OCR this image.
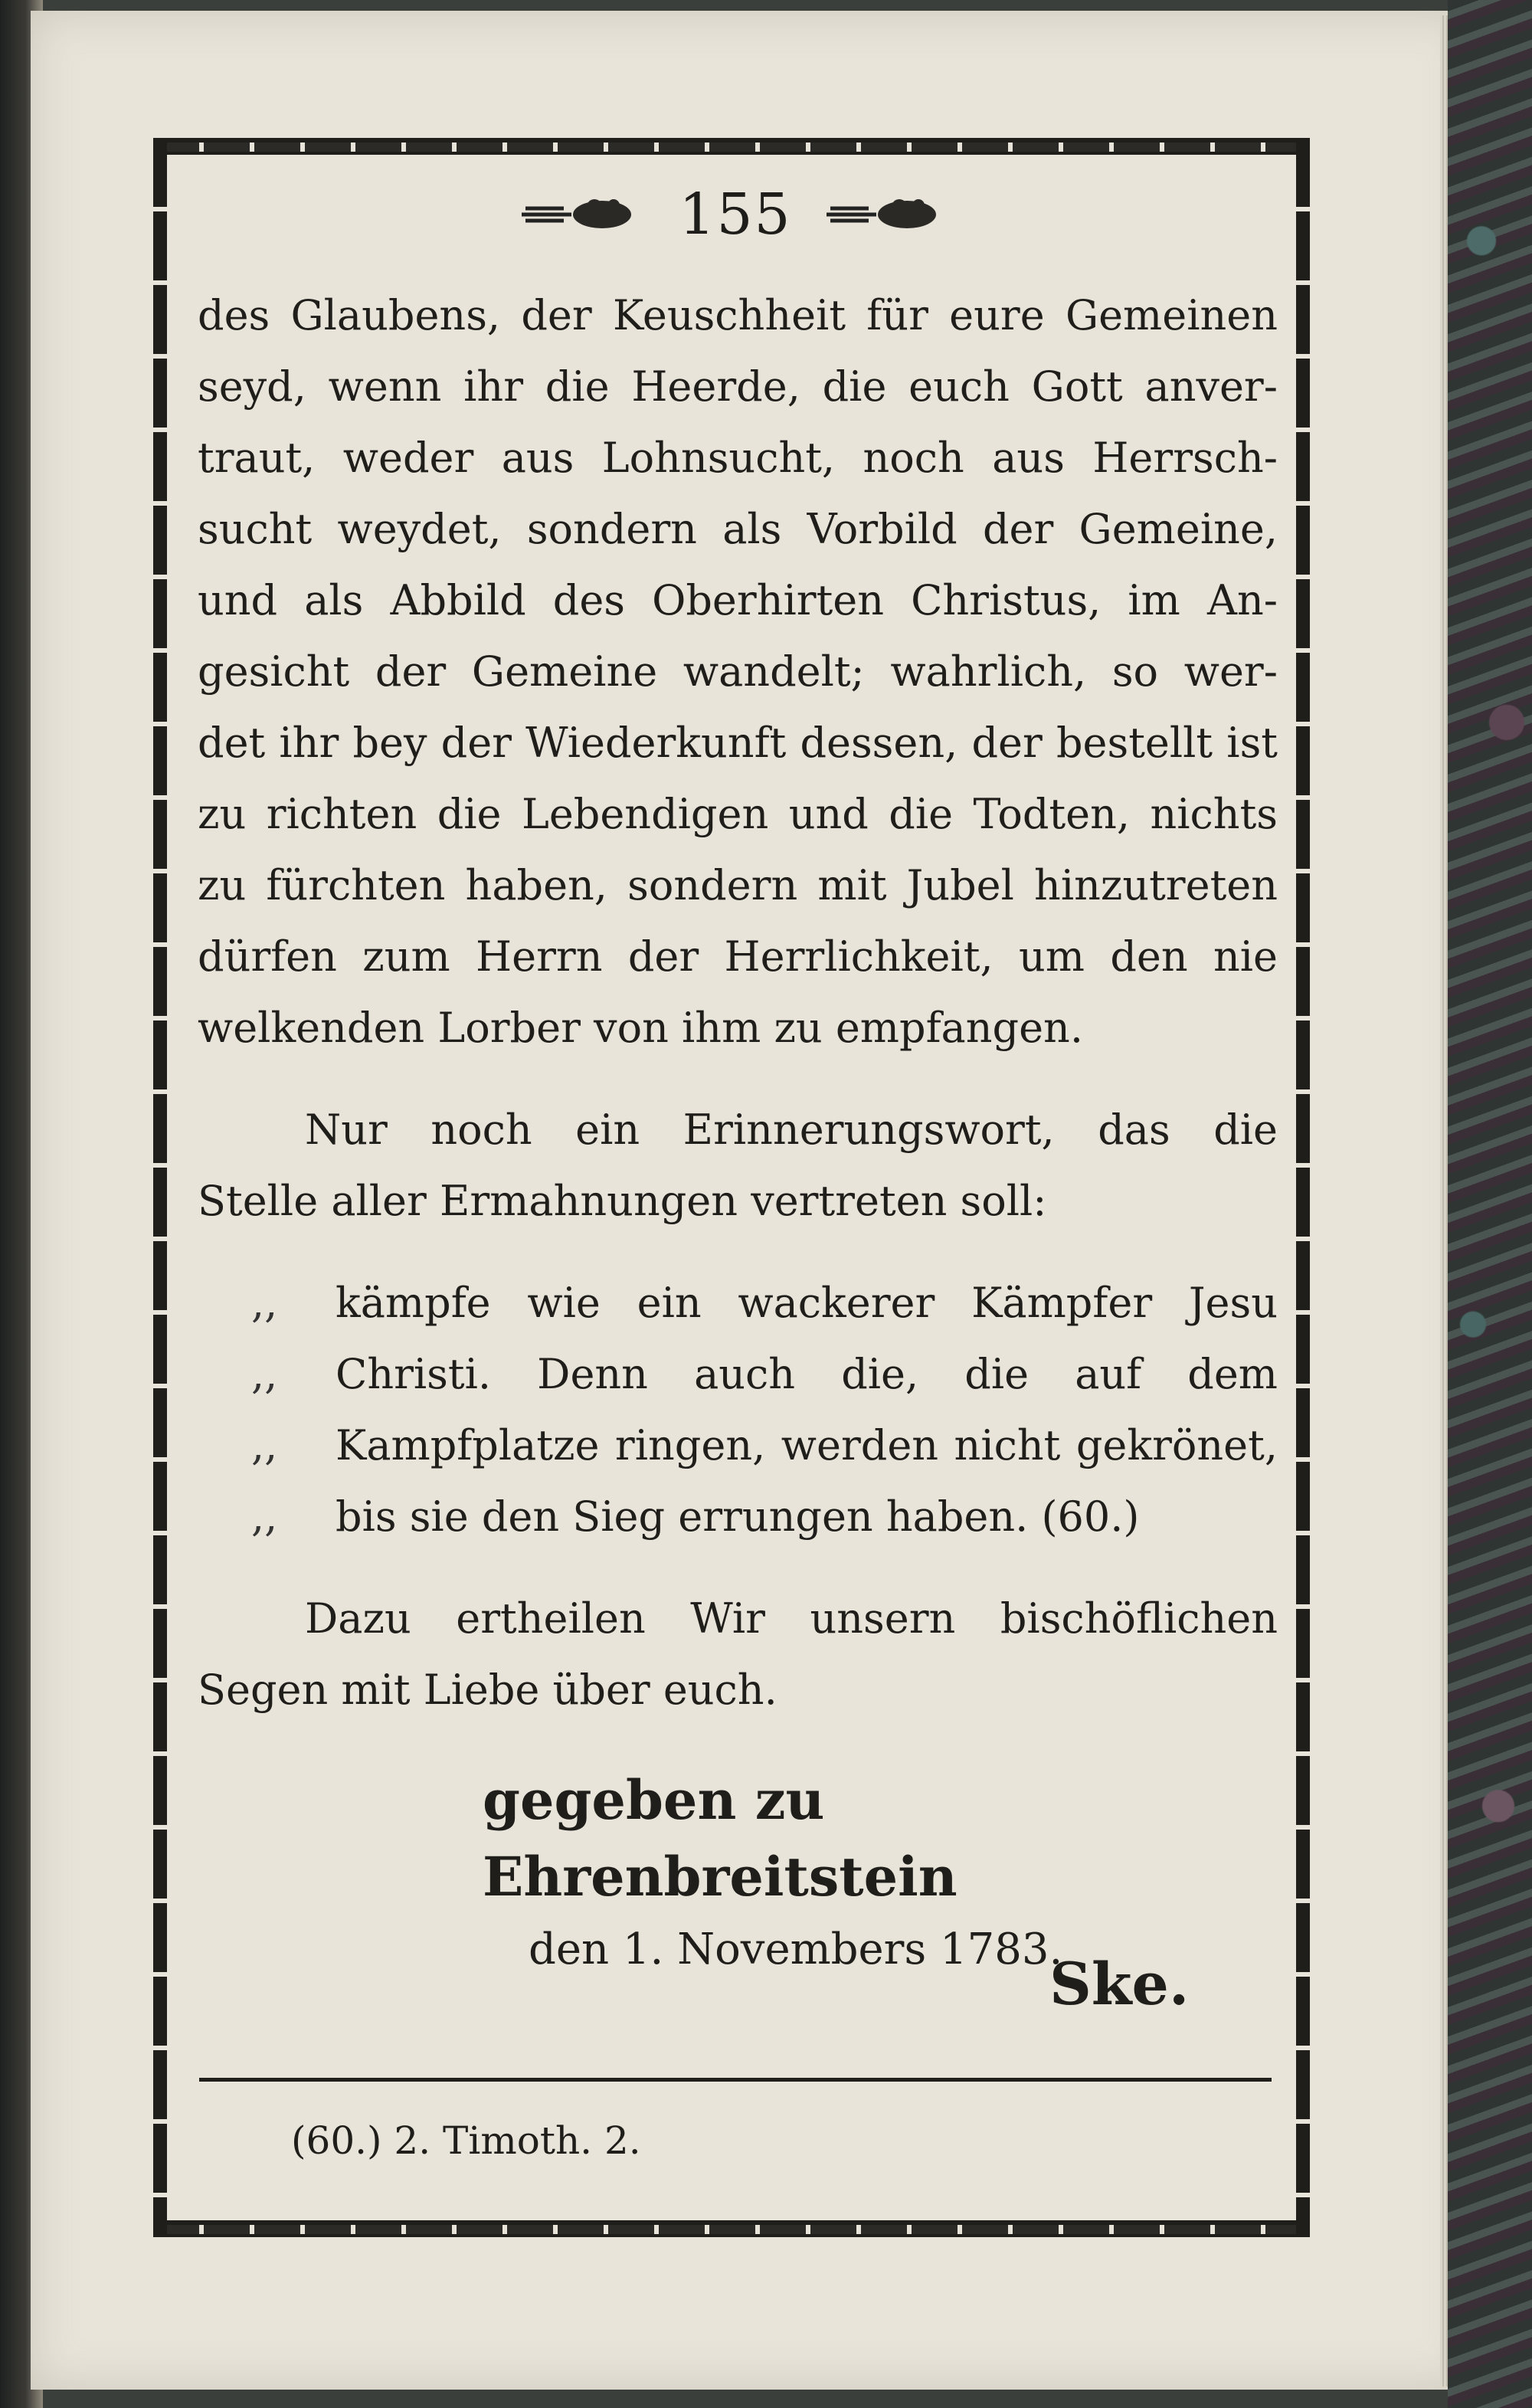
155
des Glaubens, der Keuschheit für eure Gemeinen
seyd, wenn ihr die Heerde, die euch Gott anver-
traut, weder aus Lohnsucht, noch aus Herrsch-
sucht weydet, sondern als Vorbild der Gemeine,
und als Abbild des Oberhirten Christus, im An-
gesicht der Gemeine wandelt; wahrlich, so wer-
det ihr bey der Wiederkunft dessen, der bestellt ist
zu richten die Lebendigen und die Todten, nichts
zu fürchten haben, sondern mit Jubel hinzutreten
dürfen zum Herrn der Herrlichkeit, um den nie
welkenden Lorber von ihm zu empfangen.
Nur noch ein Erinnerungswort, das die
Stelle aller Ermahnungen vertreten soll:
,,	kämpfe wie ein wackerer Kämpfer Jesu
,,	Christi. Denn auch die, die auf dem
,,	Kampfplatze ringen, werden nicht gekrönet,
,,	bis sie den Sieg errungen haben. (60.)
Dazu ertheilen Wir unsern bischöflichen
Segen mit Liebe über euch.
gegeben zu Ehrenbreitstein
den 1. Novembers 1783.
Ske.
(60.) 2. Timoth. 2.
